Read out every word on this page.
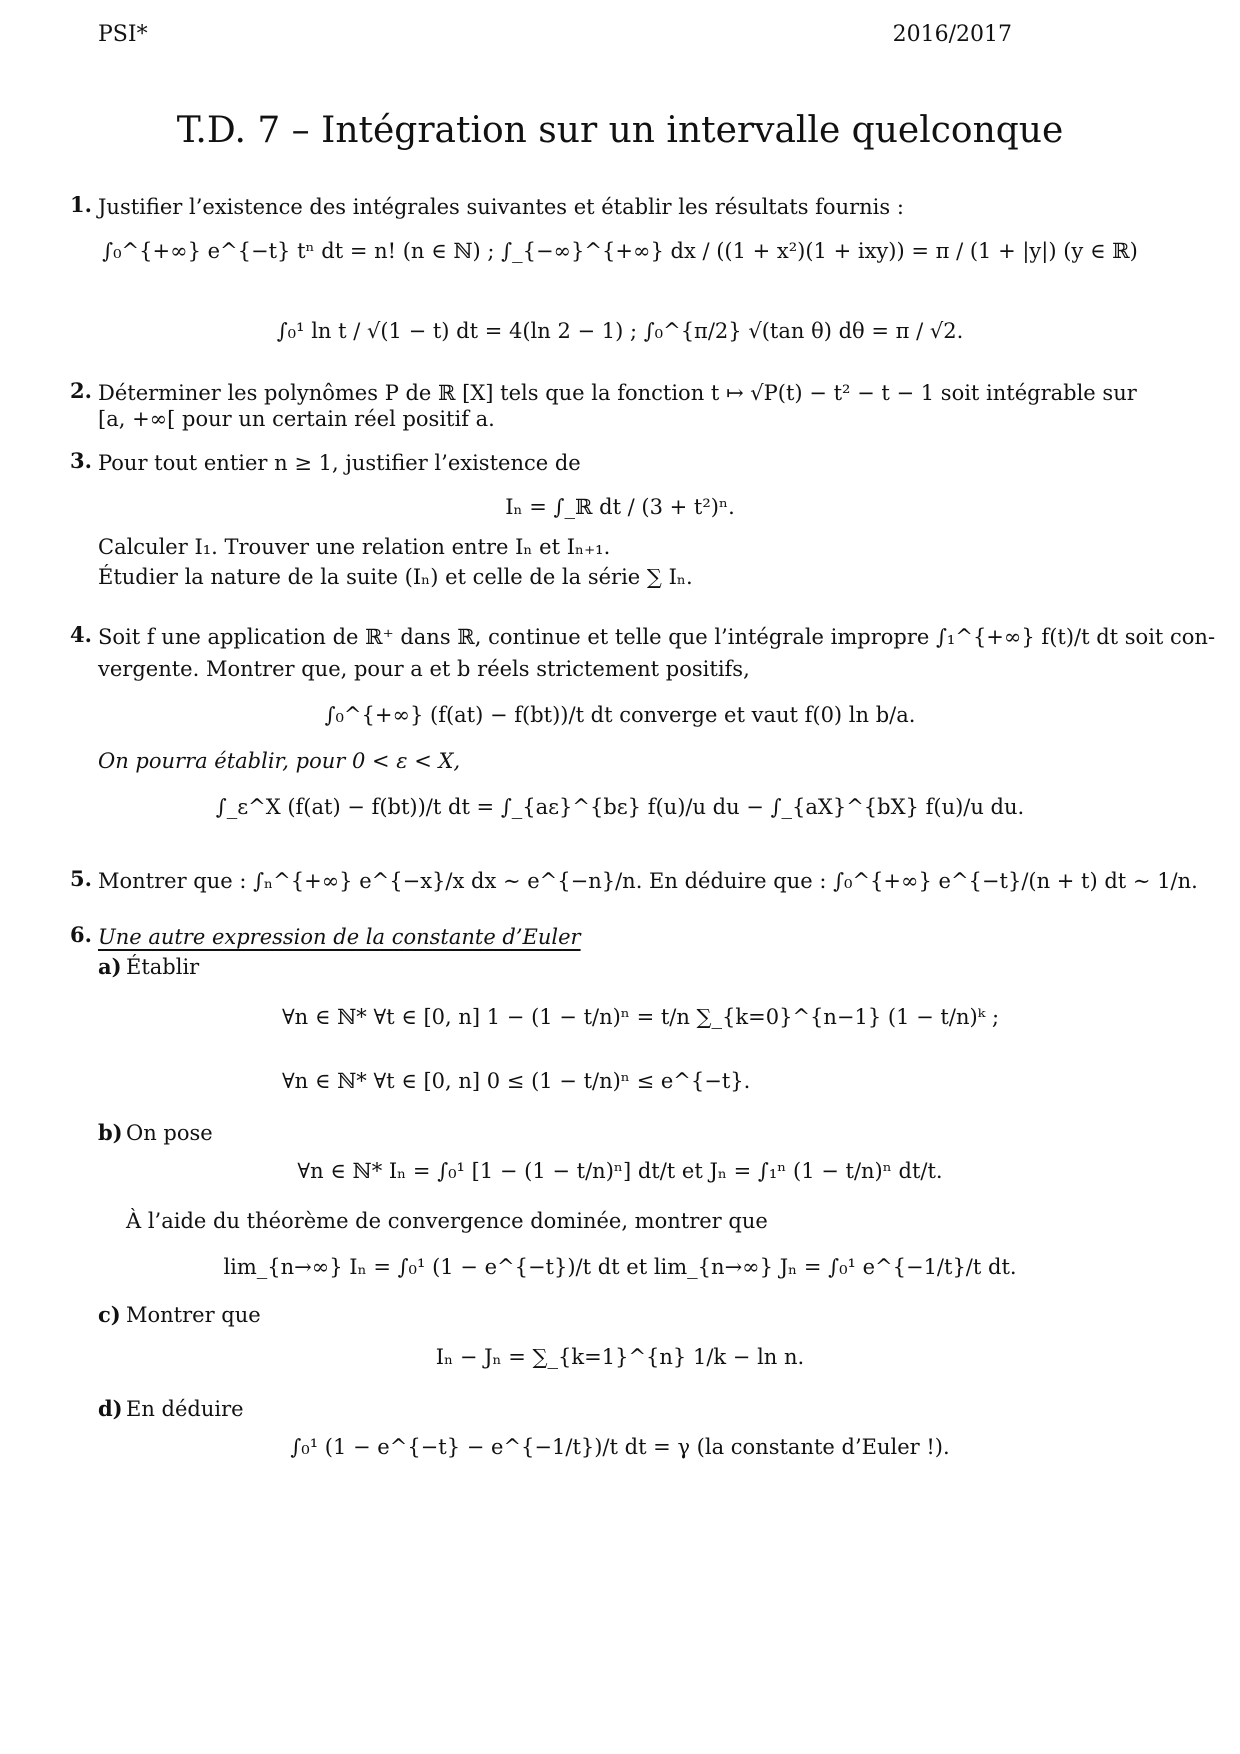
PSI*	2016/2017
T.D. 7 – Intégration sur un intervalle quelconque
1. Justifier l’existence des intégrales suivantes et établir les résultats fournis :
∫₀^{+∞} e^{−t} tⁿ dt = n! (n ∈ ℕ) ; ∫_{−∞}^{+∞} dx / ((1 + x²)(1 + ixy)) = π / (1 + |y|) (y ∈ ℝ)
∫₀¹ ln t / √(1 − t) dt = 4(ln 2 − 1) ; ∫₀^{π/2} √(tan θ) dθ = π / √2.
2. Déterminer les polynômes P de ℝ [X] tels que la fonction t ↦ √P(t) − t² − t − 1 soit intégrable sur
[a, +∞[ pour un certain réel positif a.
3. Pour tout entier n ≥ 1, justifier l’existence de
Iₙ = ∫_ℝ dt / (3 + t²)ⁿ.
Calculer I₁. Trouver une relation entre Iₙ et Iₙ₊₁.
Étudier la nature de la suite (Iₙ) et celle de la série ∑ Iₙ.
4. Soit f une application de ℝ⁺ dans ℝ, continue et telle que l’intégrale impropre ∫₁^{+∞} f(t)/t dt soit con-
vergente. Montrer que, pour a et b réels strictement positifs,
∫₀^{+∞} (f(at) − f(bt))/t dt converge et vaut f(0) ln b/a.
On pourra établir, pour 0 < ε < X,
∫_ε^X (f(at) − f(bt))/t dt = ∫_{aε}^{bε} f(u)/u du − ∫_{aX}^{bX} f(u)/u du.
5. Montrer que : ∫ₙ^{+∞} e^{−x}/x dx ∼ e^{−n}/n. En déduire que : ∫₀^{+∞} e^{−t}/(n + t) dt ∼ 1/n.
6. Une autre expression de la constante d’Euler
a) Établir
∀n ∈ ℕ* ∀t ∈ [0, n] 1 − (1 − t/n)ⁿ = t/n ∑_{k=0}^{n−1} (1 − t/n)ᵏ ;
∀n ∈ ℕ* ∀t ∈ [0, n] 0 ≤ (1 − t/n)ⁿ ≤ e^{−t}.
b) On pose
∀n ∈ ℕ* Iₙ = ∫₀¹ [1 − (1 − t/n)ⁿ] dt/t et Jₙ = ∫₁ⁿ (1 − t/n)ⁿ dt/t.
À l’aide du théorème de convergence dominée, montrer que
lim_{n→∞} Iₙ = ∫₀¹ (1 − e^{−t})/t dt et lim_{n→∞} Jₙ = ∫₀¹ e^{−1/t}/t dt.
c) Montrer que
Iₙ − Jₙ = ∑_{k=1}^{n} 1/k − ln n.
d) En déduire
∫₀¹ (1 − e^{−t} − e^{−1/t})/t dt = γ (la constante d’Euler !).
